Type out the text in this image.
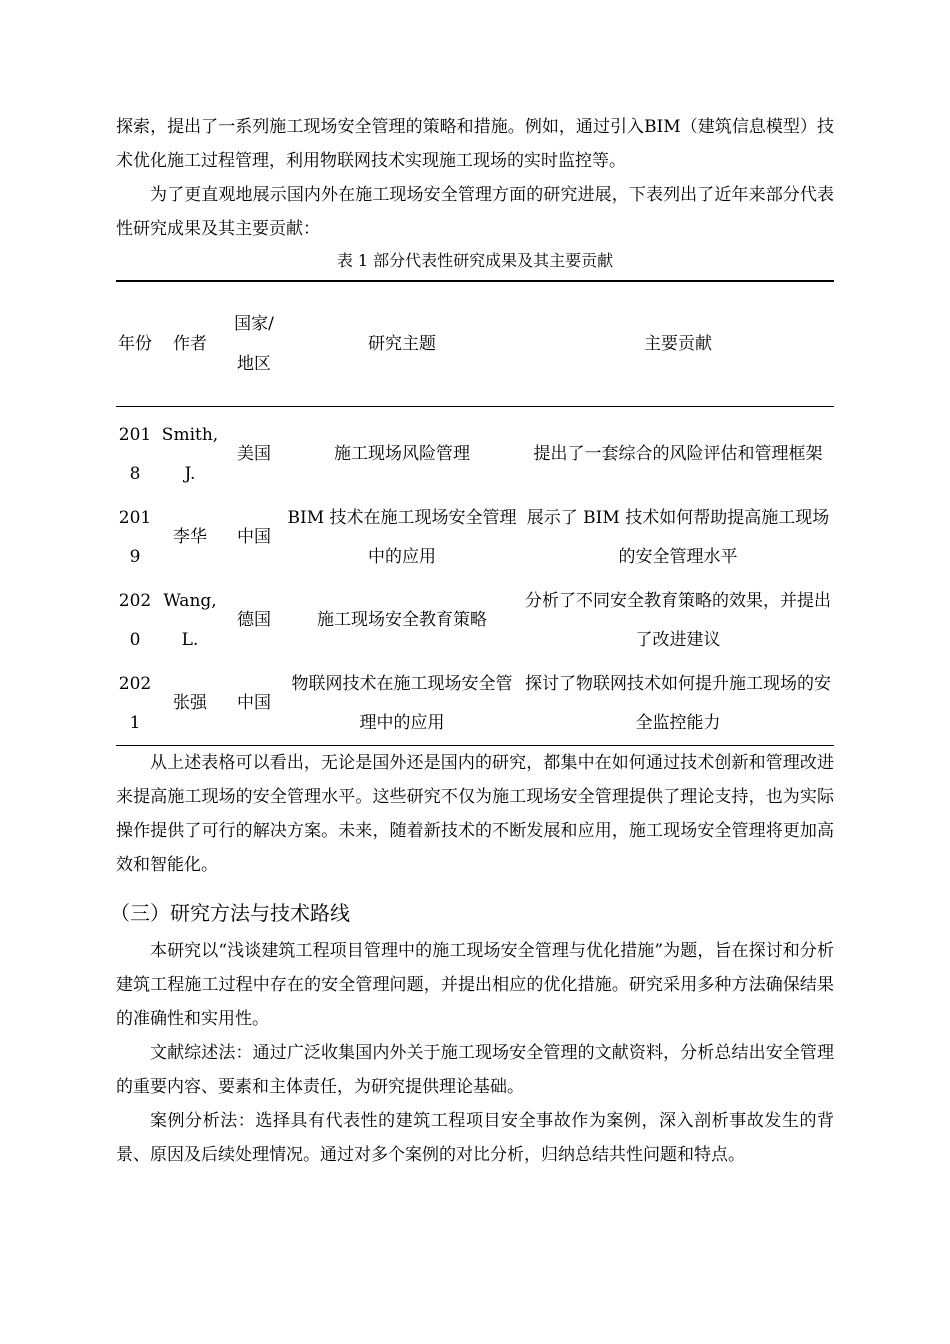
探索，提出了一系列施工现场安全管理的策略和措施。例如，通过引入BIM（建筑信息模型）技术优化施工过程管理，利用物联网技术实现施工现场的实时监控等。

为了更直观地展示国内外在施工现场安全管理方面的研究进展，下表列出了近年来部分代表性研究成果及其主要贡献：

表 1 部分代表性研究成果及其主要贡献
年份	作者	国家/地区	研究主题	主要贡献
2018	Smith, J.	美国	施工现场风险管理	提出了一套综合的风险评估和管理框架
2019	李华	中国	BIM 技术在施工现场安全管理中的应用	展示了 BIM 技术如何帮助提高施工现场的安全管理水平
2020	Wang, L.	德国	施工现场安全教育策略	分析了不同安全教育策略的效果，并提出了改进建议
2021	张强	中国	物联网技术在施工现场安全管理中的应用	探讨了物联网技术如何提升施工现场的安全监控能力

从上述表格可以看出，无论是国外还是国内的研究，都集中在如何通过技术创新和管理改进来提高施工现场的安全管理水平。这些研究不仅为施工现场安全管理提供了理论支持，也为实际操作提供了可行的解决方案。未来，随着新技术的不断发展和应用，施工现场安全管理将更加高效和智能化。

（三）研究方法与技术路线

本研究以“浅谈建筑工程项目管理中的施工现场安全管理与优化措施”为题，旨在探讨和分析建筑工程施工过程中存在的安全管理问题，并提出相应的优化措施。研究采用多种方法确保结果的准确性和实用性。

文献综述法：通过广泛收集国内外关于施工现场安全管理的文献资料，分析总结出安全管理的重要内容、要素和主体责任，为研究提供理论基础。

案例分析法：选择具有代表性的建筑工程项目安全事故作为案例，深入剖析事故发生的背景、原因及后续处理情况。通过对多个案例的对比分析，归纳总结共性问题和特点。
